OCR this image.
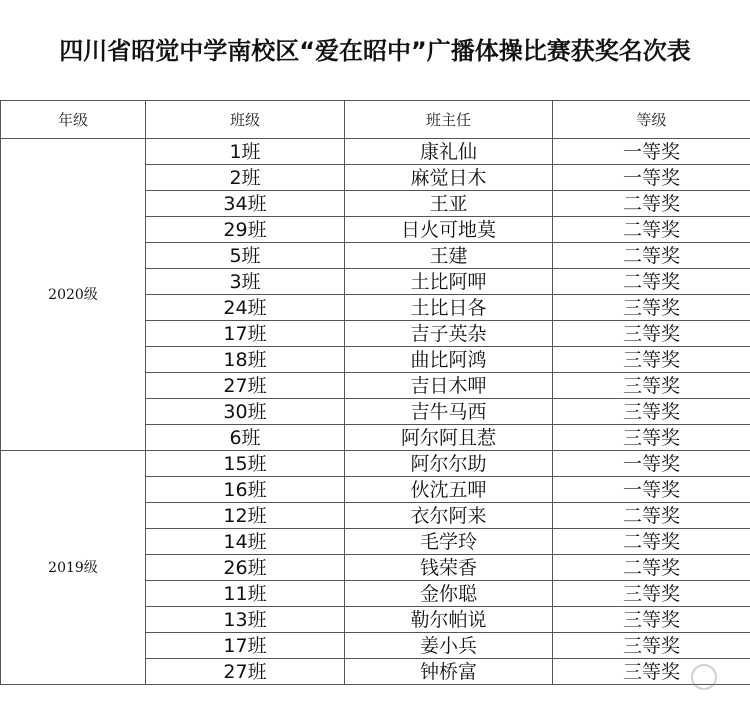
四川省昭觉中学南校区“爱在昭中”广播体操比赛获奖名次表
年级	班级	班主任	等级
2020级	1班	康礼仙	一等奖
	2班	麻觉日木	一等奖
	34班	王亚	二等奖
	29班	日火可地莫	二等奖
	5班	王建	二等奖
	3班	土比阿呷	二等奖
	24班	土比日各	三等奖
	17班	吉子英杂	三等奖
	18班	曲比阿鸿	三等奖
	27班	吉日木呷	三等奖
	30班	吉牛马西	三等奖
	6班	阿尔阿且惹	三等奖
2019级	15班	阿尔尔助	一等奖
	16班	伙沈五呷	一等奖
	12班	衣尔阿来	二等奖
	14班	毛学玲	二等奖
	26班	钱荣香	二等奖
	11班	金你聪	三等奖
	13班	勒尔帕说	三等奖
	17班	姜小兵	三等奖
	27班	钟桥富	三等奖
